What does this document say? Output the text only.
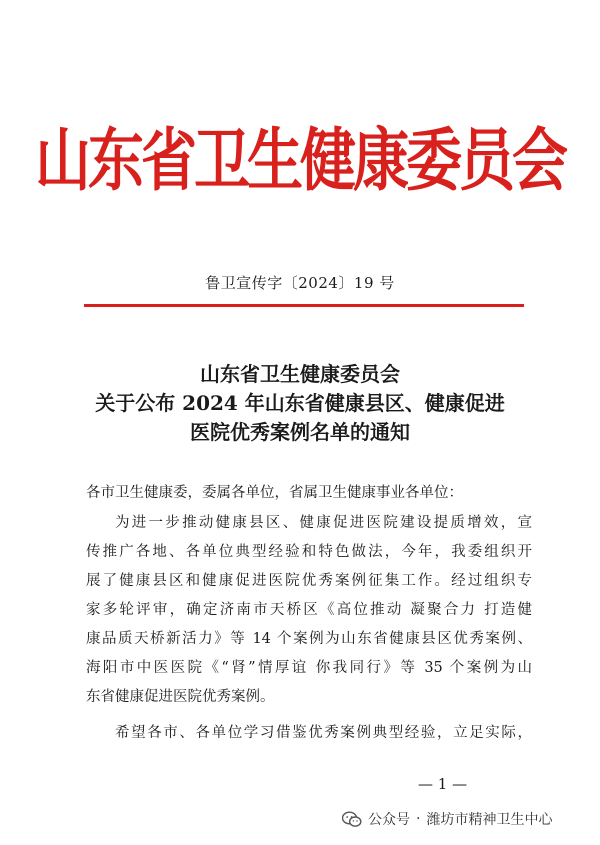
山东省卫生健康委员会
鲁卫宣传字〔2024〕19 号
山东省卫生健康委员会
关于公布 2024 年山东省健康县区、健康促进
医院优秀案例名单的通知
各市卫生健康委，委属各单位，省属卫生健康事业各单位：
为进一步推动健康县区、健康促进医院建设提质增效，宣
传推广各地、各单位典型经验和特色做法，今年，我委组织开
展了健康县区和健康促进医院优秀案例征集工作。经过组织专
家多轮评审，确定济南市天桥区《高位推动 凝聚合力 打造健
康品质天桥新活力》等 14 个案例为山东省健康县区优秀案例、
海阳市中医医院《“肾”情厚谊 你我同行》等 35 个案例为山
东省健康促进医院优秀案例。
希望各市、各单位学习借鉴优秀案例典型经验，立足实际，
— 1 —
公众号 · 潍坊市精神卫生中心
